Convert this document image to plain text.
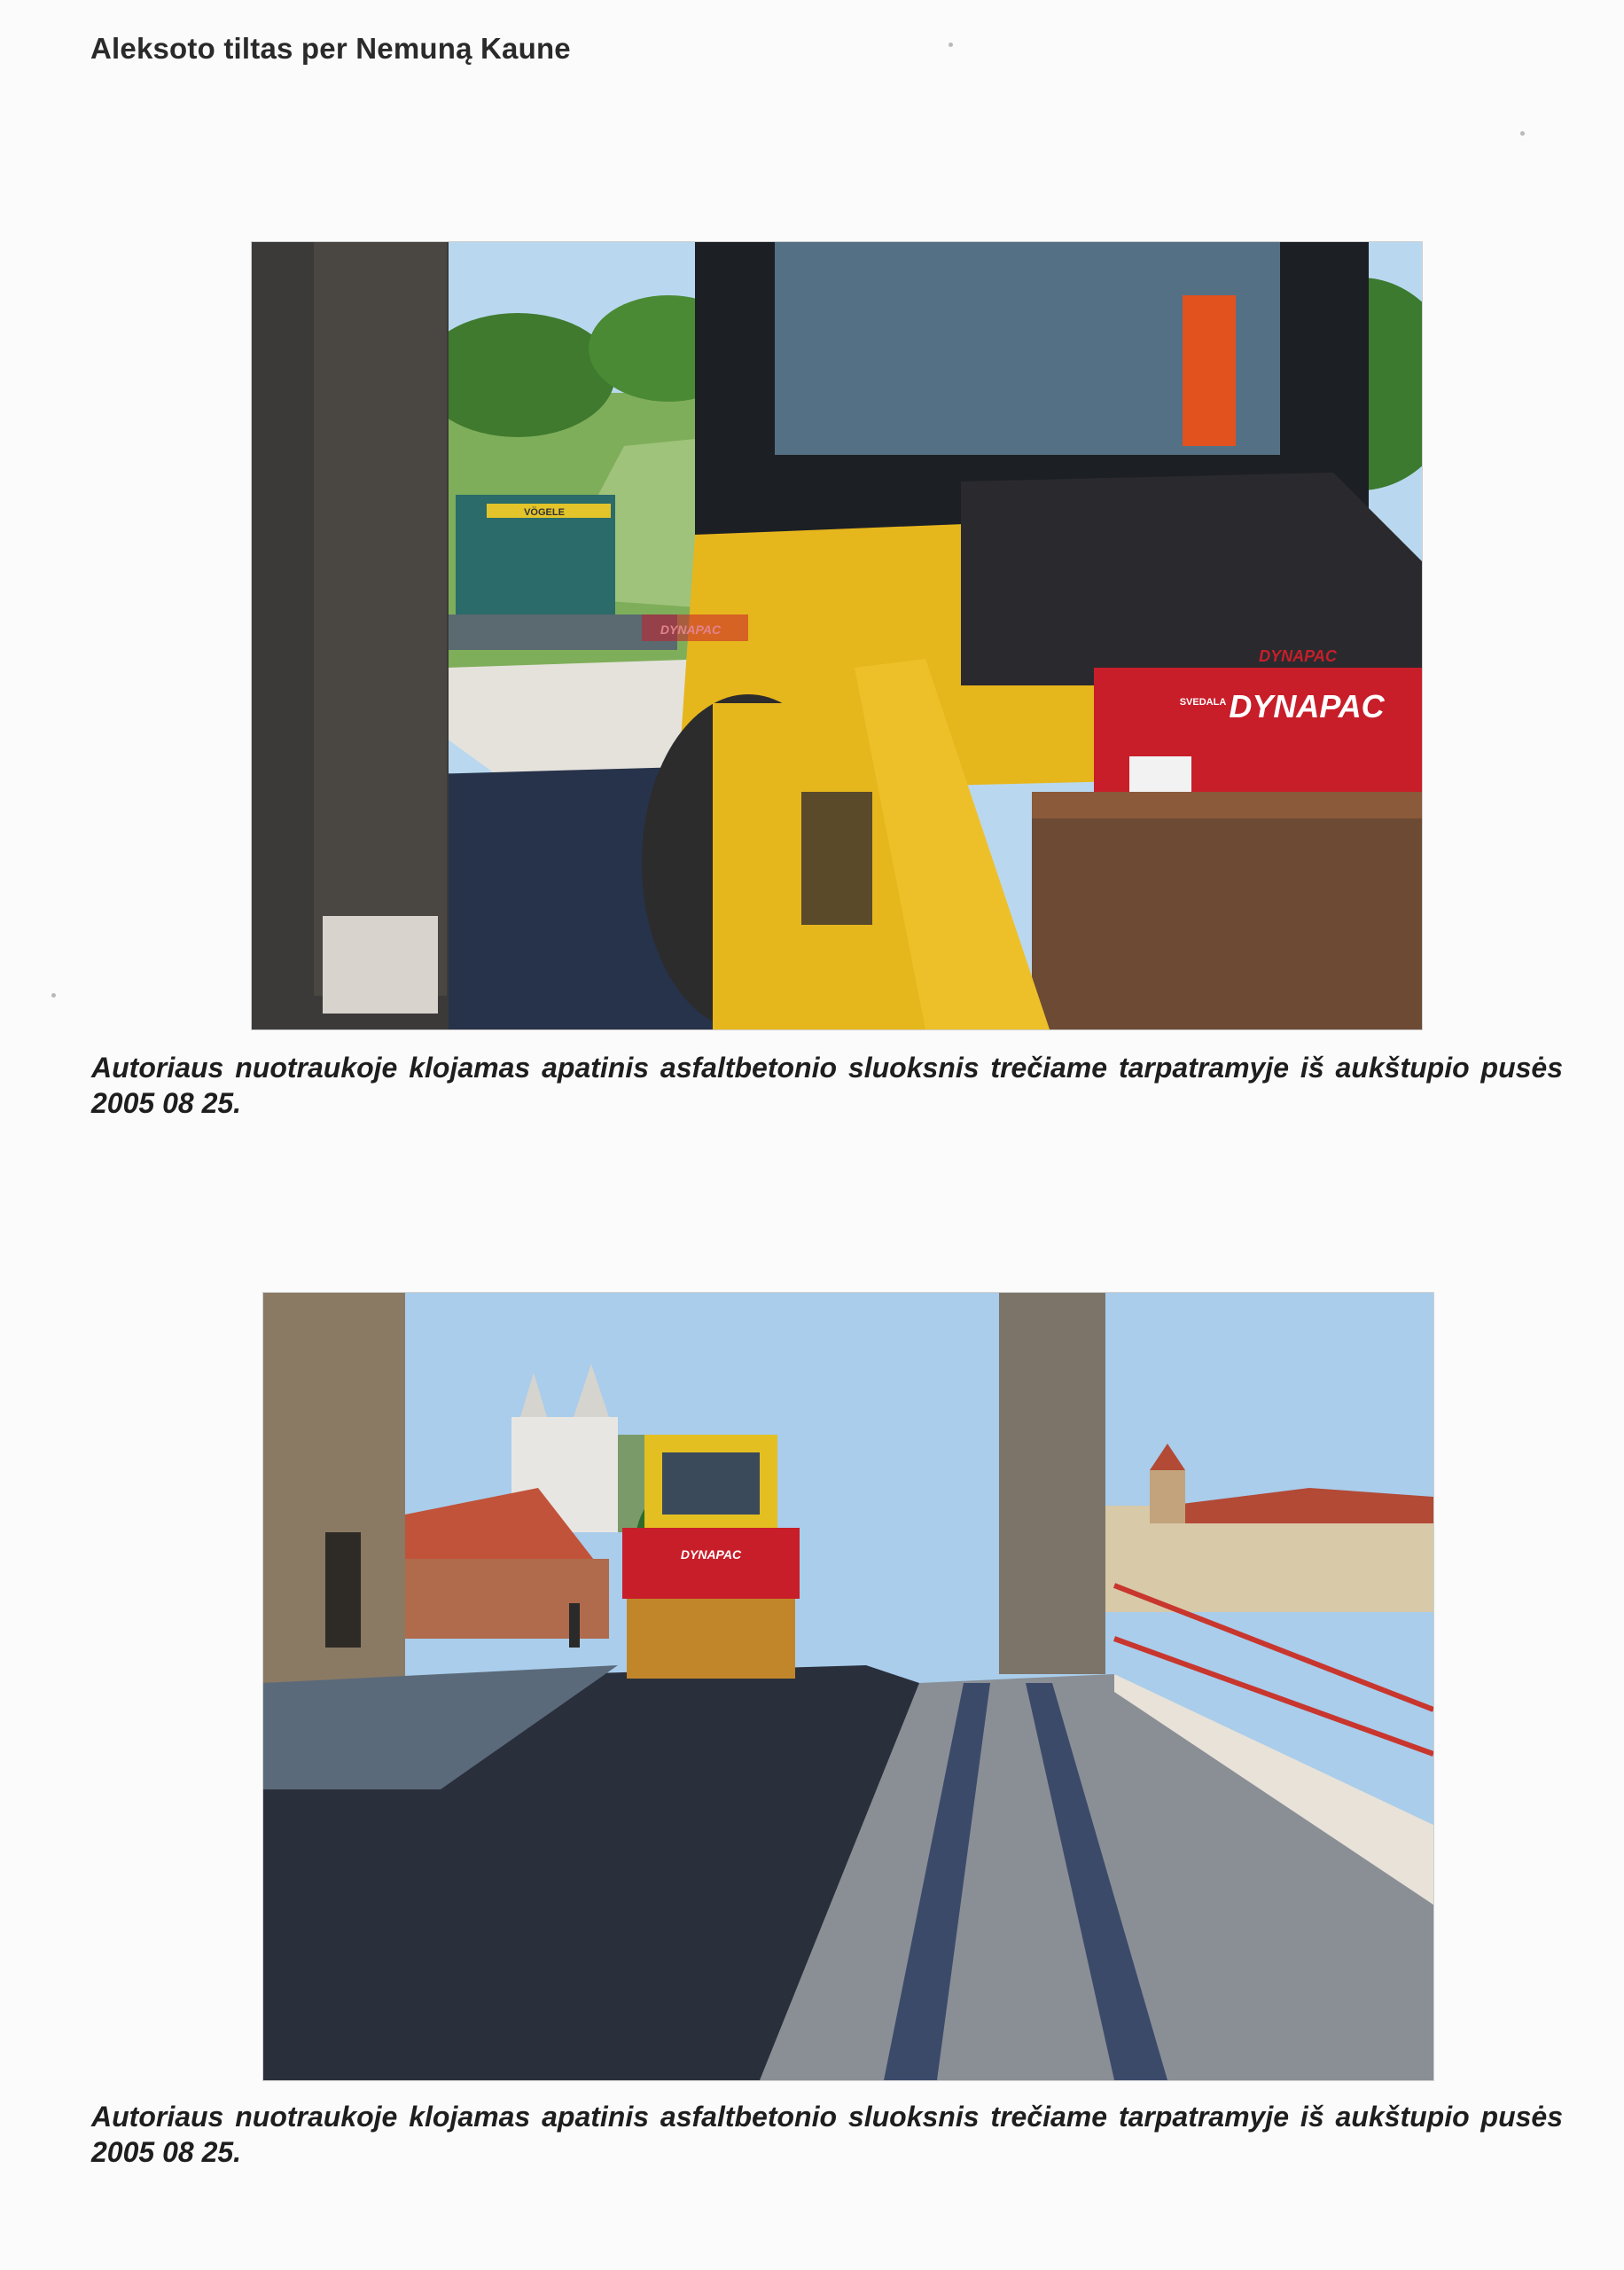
Aleksoto tiltas per Nemuną Kaune
VÖGELE
DYNAPAC
SVEDALA DYNAPAC
Autoriaus nuotraukoje klojamas apatinis asfaltbetonio sluoksnis trečiame tarpatramyje iš aukštupio pusės 2005 08 25.
DYNAPAC
Autoriaus nuotraukoje klojamas apatinis asfaltbetonio sluoksnis trečiame tarpatramyje iš aukštupio pusės 2005 08 25.
